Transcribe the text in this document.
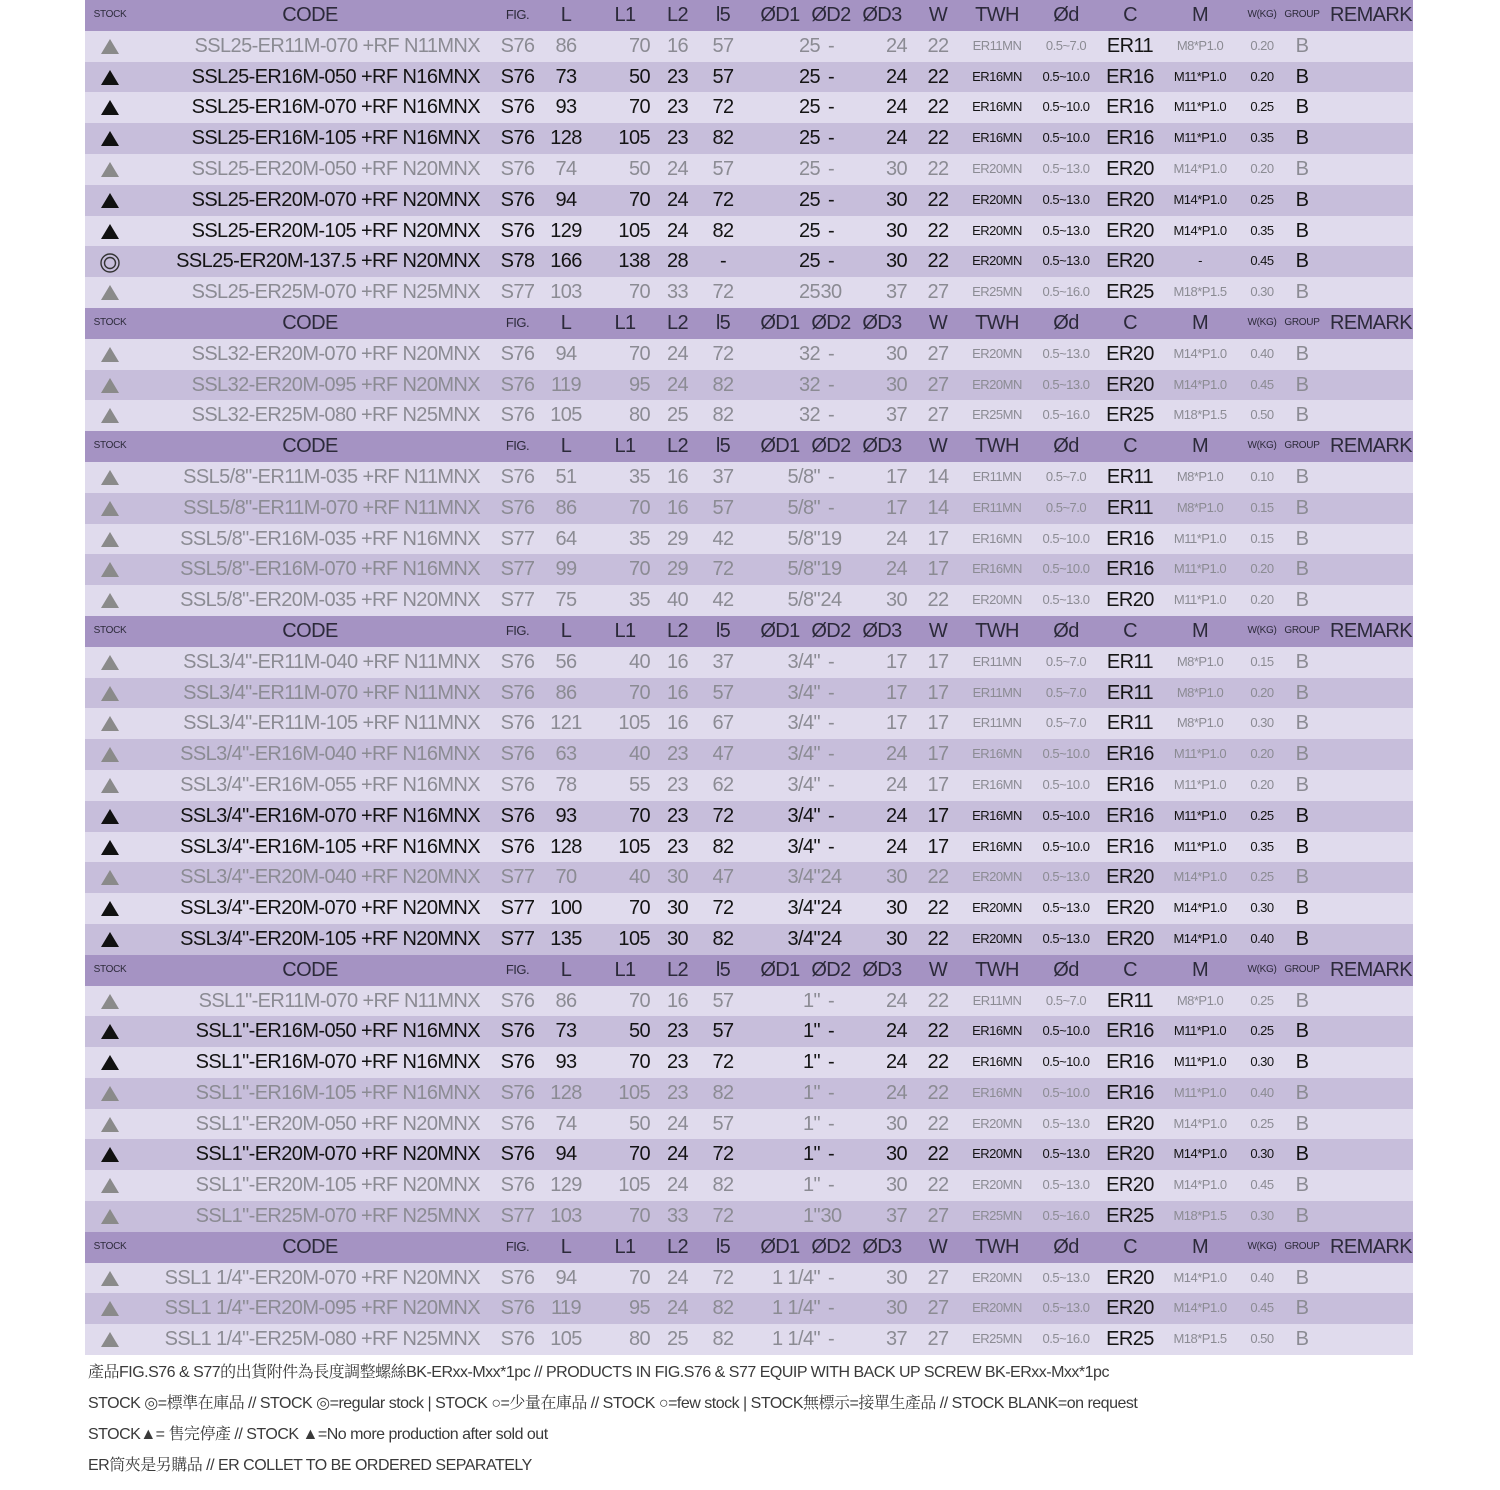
STOCK	CODE	FIG.	L	L1	L2	l5	ØD1 ØD2 ØD3	W	TWH	Ød	C	M	W(KG) GROUP REMARK
SSL25-ER11M-070 +RF N11MNX S76	86	70 16	57	25 -	24	22	ER11MN	0.5~7.0	ER11	M8*P1.0	0.20	B
SSL25-ER16M-050 +RF N16MNX S76	73	50 23	57	25 -	24	22	ER16MN	0.5~10.0 ER16	M11*P1.0	0.20	B
SSL25-ER16M-070 +RF N16MNX S76	93	70 23	72	25 -	24	22	ER16MN	0.5~10.0 ER16	M11*P1.0	0.25	B
SSL25-ER16M-105 +RF N16MNX S76 128	105 23	82	25 -	24	22	ER16MN	0.5~10.0 ER16	M11*P1.0	0.35	B
SSL25-ER20M-050 +RF N20MNX S76	74	50 24	57	25 -	30	22	ER20MN	0.5~13.0 ER20	M14*P1.0	0.20	B
SSL25-ER20M-070 +RF N20MNX S76	94	70 24	72	25 -	30	22	ER20MN	0.5~13.0 ER20	M14*P1.0	0.25	B
SSL25-ER20M-105 +RF N20MNX S76 129	105 24	82	25 -	30	22	ER20MN	0.5~13.0 ER20	M14*P1.0	0.35	B
SSL25-ER20M-137.5 +RF N20MNX S78 166	138 28	-	25 -	30	22	ER20MN	0.5~13.0 ER20	-	0.45	B
SSL25-ER25M-070 +RF N25MNX S77 103	70 33	72	25 30	37	27	ER25MN	0.5~16.0 ER25	M18*P1.5	0.30	B
STOCK	CODE	FIG.	L	L1	L2	l5	ØD1 ØD2 ØD3	W	TWH	Ød	C	M	W(KG) GROUP REMARK
SSL32-ER20M-070 +RF N20MNX S76	94	70 24	72	32 -	30	27	ER20MN	0.5~13.0 ER20	M14*P1.0	0.40	B
SSL32-ER20M-095 +RF N20MNX S76 119	95 24	82	32 -	30	27	ER20MN	0.5~13.0 ER20	M14*P1.0	0.45	B
SSL32-ER25M-080 +RF N25MNX S76 105	80 25	82	32 -	37	27	ER25MN	0.5~16.0 ER25	M18*P1.5	0.50	B
STOCK	CODE	FIG.	L	L1	L2	l5	ØD1 ØD2 ØD3	W	TWH	Ød	C	M	W(KG) GROUP REMARK
SSL5/8"-ER11M-035 +RF N11MNX S76	51	35 16	37	5/8" -	17	14	ER11MN	0.5~7.0	ER11	M8*P1.0	0.10	B
SSL5/8"-ER11M-070 +RF N11MNX S76	86	70 16	57	5/8" -	17	14	ER11MN	0.5~7.0	ER11	M8*P1.0	0.15	B
SSL5/8"-ER16M-035 +RF N16MNX S77	64	35 29	42	5/8" 19	24	17	ER16MN	0.5~10.0 ER16	M11*P1.0	0.15	B
SSL5/8"-ER16M-070 +RF N16MNX S77	99	70 29	72	5/8" 19	24	17	ER16MN	0.5~10.0 ER16	M11*P1.0	0.20	B
SSL5/8"-ER20M-035 +RF N20MNX S77	75	35 40	42	5/8" 24	30	22	ER20MN	0.5~13.0 ER20	M11*P1.0	0.20	B
STOCK	CODE	FIG.	L	L1	L2	l5	ØD1 ØD2 ØD3	W	TWH	Ød	C	M	W(KG) GROUP REMARK
SSL3/4"-ER11M-040 +RF N11MNX S76	56	40 16	37	3/4" -	17	17	ER11MN	0.5~7.0	ER11	M8*P1.0	0.15	B
SSL3/4"-ER11M-070 +RF N11MNX S76	86	70 16	57	3/4" -	17	17	ER11MN	0.5~7.0	ER11	M8*P1.0	0.20	B
SSL3/4"-ER11M-105 +RF N11MNX S76 121	105 16	67	3/4" -	17	17	ER11MN	0.5~7.0	ER11	M8*P1.0	0.30	B
SSL3/4"-ER16M-040 +RF N16MNX S76	63	40 23	47	3/4" -	24	17	ER16MN	0.5~10.0 ER16	M11*P1.0	0.20	B
SSL3/4"-ER16M-055 +RF N16MNX S76	78	55 23	62	3/4" -	24	17	ER16MN	0.5~10.0 ER16	M11*P1.0	0.20	B
SSL3/4"-ER16M-070 +RF N16MNX S76	93	70 23	72	3/4" -	24	17	ER16MN	0.5~10.0 ER16	M11*P1.0	0.25	B
SSL3/4"-ER16M-105 +RF N16MNX S76 128	105 23	82	3/4" -	24	17	ER16MN	0.5~10.0 ER16	M11*P1.0	0.35	B
SSL3/4"-ER20M-040 +RF N20MNX S77	70	40 30	47	3/4" 24	30	22	ER20MN	0.5~13.0 ER20	M14*P1.0	0.25	B
SSL3/4"-ER20M-070 +RF N20MNX S77 100	70 30	72	3/4" 24	30	22	ER20MN	0.5~13.0 ER20	M14*P1.0	0.30	B
SSL3/4"-ER20M-105 +RF N20MNX S77 135	105 30	82	3/4" 24	30	22	ER20MN	0.5~13.0 ER20	M14*P1.0	0.40	B
STOCK	CODE	FIG.	L	L1	L2	l5	ØD1 ØD2 ØD3	W	TWH	Ød	C	M	W(KG) GROUP REMARK
SSL1"-ER11M-070 +RF N11MNX S76	86	70 16	57	1" -	24	22	ER11MN	0.5~7.0	ER11	M8*P1.0	0.25	B
SSL1"-ER16M-050 +RF N16MNX S76	73	50 23	57	1" -	24	22	ER16MN	0.5~10.0 ER16	M11*P1.0	0.25	B
SSL1"-ER16M-070 +RF N16MNX S76	93	70 23	72	1" -	24	22	ER16MN	0.5~10.0 ER16	M11*P1.0	0.30	B
SSL1"-ER16M-105 +RF N16MNX S76 128	105 23	82	1" -	24	22	ER16MN	0.5~10.0 ER16	M11*P1.0	0.40	B
SSL1"-ER20M-050 +RF N20MNX S76	74	50 24	57	1" -	30	22	ER20MN	0.5~13.0 ER20	M14*P1.0	0.25	B
SSL1"-ER20M-070 +RF N20MNX S76	94	70 24	72	1" -	30	22	ER20MN	0.5~13.0 ER20	M14*P1.0	0.30	B
SSL1"-ER20M-105 +RF N20MNX S76 129	105 24	82	1" -	30	22	ER20MN	0.5~13.0 ER20	M14*P1.0	0.45	B
SSL1"-ER25M-070 +RF N25MNX S77 103	70 33	72	1" 30	37	27	ER25MN	0.5~16.0 ER25	M18*P1.5	0.30	B
STOCK	CODE	FIG.	L	L1	L2	l5	ØD1 ØD2 ØD3	W	TWH	Ød	C	M	W(KG) GROUP REMARK
SSL1 1/4"-ER20M-070 +RF N20MNX S76	94	70 24	72	1 1/4" -	30	27	ER20MN	0.5~13.0 ER20	M14*P1.0	0.40	B
SSL1 1/4"-ER20M-095 +RF N20MNX S76 119	95 24	82	1 1/4" -	30	27	ER20MN	0.5~13.0 ER20	M14*P1.0	0.45	B
SSL1 1/4"-ER25M-080 +RF N25MNX S76 105	80 25	82	1 1/4" -	37	27	ER25MN	0.5~16.0 ER25	M18*P1.5	0.50	B
產品FIG.S76 & S77的出貨附件為長度調整螺絲BK-ERxx-Mxx*1pc // PRODUCTS IN FIG.S76 & S77 EQUIP WITH BACK UP SCREW BK-ERxx-Mxx*1pc
STOCK ◎=標準在庫品 // STOCK ◎=regular stock | STOCK ○=少量在庫品 // STOCK ○=few stock | STOCK無標示=接單生產品 // STOCK BLANK=on request
STOCK▲= 售完停產 // STOCK ▲=No more production after sold out
ER筒夾是另購品 // ER COLLET TO BE ORDERED SEPARATELY
